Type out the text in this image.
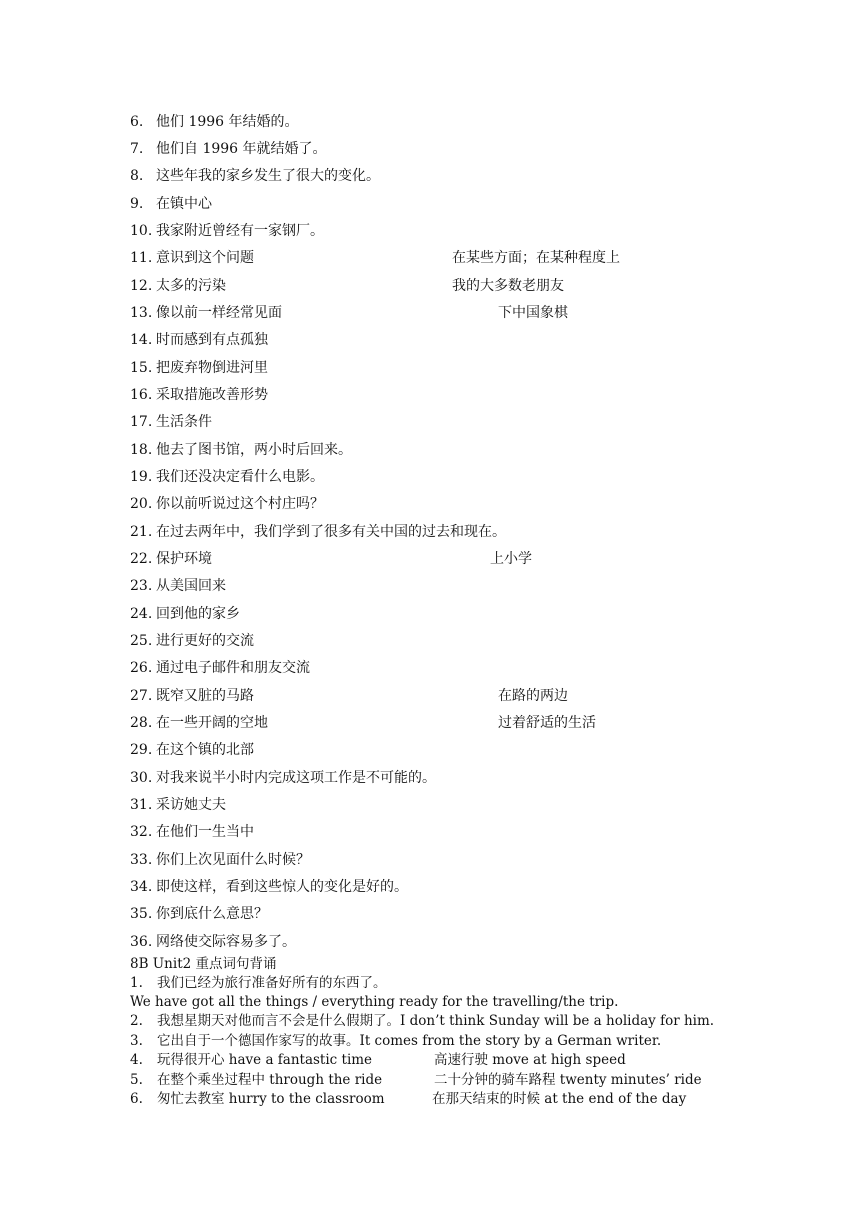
6. 他们 1996 年结婚的。
7. 他们自 1996 年就结婚了。
8. 这些年我的家乡发生了很大的变化。
9. 在镇中心
10. 我家附近曾经有一家钢厂。
11. 意识到这个问题	在某些方面；在某种程度上
12. 太多的污染	我的大多数老朋友
13. 像以前一样经常见面	下中国象棋
14. 时而感到有点孤独
15. 把废弃物倒进河里
16. 采取措施改善形势
17. 生活条件
18. 他去了图书馆，两小时后回来。
19. 我们还没决定看什么电影。
20. 你以前听说过这个村庄吗？
21. 在过去两年中，我们学到了很多有关中国的过去和现在。
22. 保护环境	上小学
23. 从美国回来
24. 回到他的家乡
25. 进行更好的交流
26. 通过电子邮件和朋友交流
27. 既窄又脏的马路	在路的两边
28. 在一些开阔的空地	过着舒适的生活
29. 在这个镇的北部
30. 对我来说半小时内完成这项工作是不可能的。
31. 采访她丈夫
32. 在他们一生当中
33. 你们上次见面什么时候？
34. 即使这样，看到这些惊人的变化是好的。
35. 你到底什么意思？
36. 网络使交际容易多了。
8B Unit2 重点词句背诵
1. 我们已经为旅行准备好所有的东西了。
We have got all the things / everything ready for the travelling/the trip.
2. 我想星期天对他而言不会是什么假期了。I don’t think Sunday will be a holiday for him.
3. 它出自于一个德国作家写的故事。It comes from the story by a German writer.
4. 玩得很开心 have a fantastic time	高速行驶 move at high speed
5. 在整个乘坐过程中 through the ride	二十分钟的骑车路程 twenty minutes’ ride
6. 匆忙去教室 hurry to the classroom	在那天结束的时候 at the end of the day
